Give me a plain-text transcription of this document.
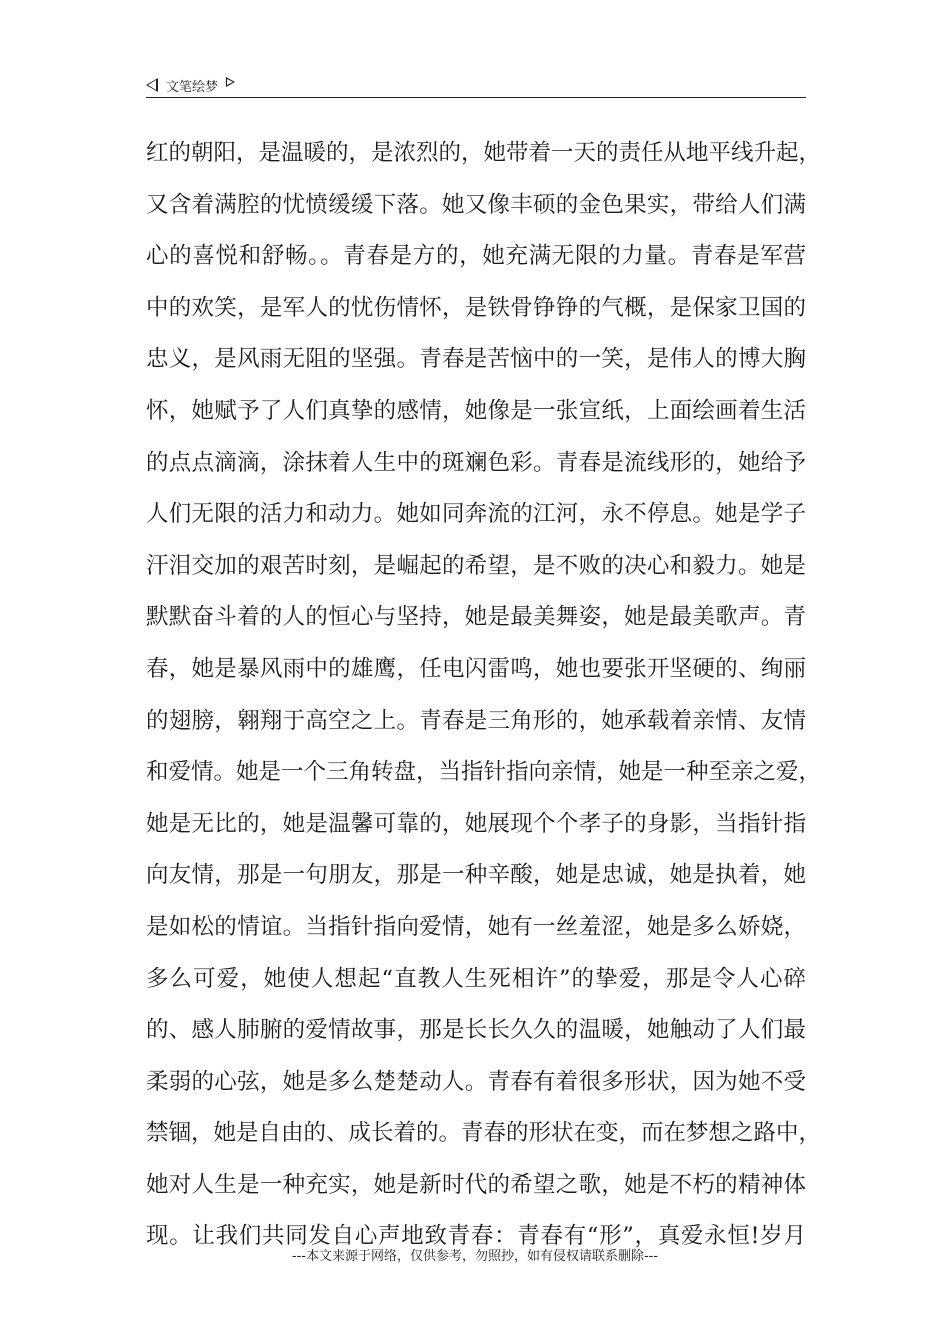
文笔绘梦
红的朝阳，是温暖的，是浓烈的，她带着一天的责任从地平线升起，
又含着满腔的忧愤缓缓下落。她又像丰硕的金色果实，带给人们满
心的喜悦和舒畅。。青春是方的，她充满无限的力量。青春是军营
中的欢笑，是军人的忧伤情怀，是铁骨铮铮的气概，是保家卫国的
忠义，是风雨无阻的坚强。青春是苦恼中的一笑，是伟人的博大胸
怀，她赋予了人们真挚的感情，她像是一张宣纸，上面绘画着生活
的点点滴滴，涂抹着人生中的斑斓色彩。青春是流线形的，她给予
人们无限的活力和动力。她如同奔流的江河，永不停息。她是学子
汗泪交加的艰苦时刻，是崛起的希望，是不败的决心和毅力。她是
默默奋斗着的人的恒心与坚持，她是最美舞姿，她是最美歌声。青
春，她是暴风雨中的雄鹰，任电闪雷鸣，她也要张开坚硬的、绚丽
的翅膀，翱翔于高空之上。青春是三角形的，她承载着亲情、友情
和爱情。她是一个三角转盘，当指针指向亲情，她是一种至亲之爱，
她是无比的，她是温馨可靠的，她展现个个孝子的身影，当指针指
向友情，那是一句朋友，那是一种辛酸，她是忠诚，她是执着，她
是如松的情谊。当指针指向爱情，她有一丝羞涩，她是多么娇娆，
多么可爱，她使人想起“直教人生死相许”的挚爱，那是令人心碎
的、感人肺腑的爱情故事，那是长长久久的温暖，她触动了人们最
柔弱的心弦，她是多么楚楚动人。青春有着很多形状，因为她不受
禁锢，她是自由的、成长着的。青春的形状在变，而在梦想之路中，
她对人生是一种充实，她是新时代的希望之歌，她是不朽的精神体
现。让我们共同发自心声地致青春：青春有“形”，真爱永恒!岁月
---本文来源于网络，仅供参考，勿照抄，如有侵权请联系删除---
